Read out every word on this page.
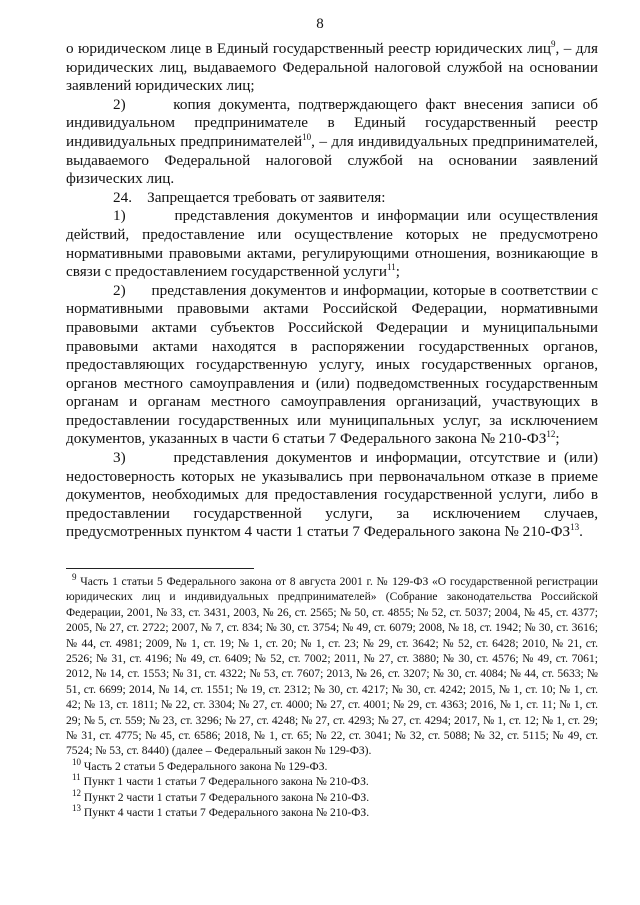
8

о юридическом лице в Единый государственный реестр юридических лиц$^9$, – для юридических лиц, выдаваемого Федеральной налоговой службой на основании заявлений юридических лиц;

2)      копия документа, подтверждающего факт внесения записи об индивидуальном предпринимателе в Единый государственный реестр индивидуальных предпринимателей$^{10}$, – для индивидуальных предпринимателей, выдаваемого Федеральной налоговой службой на основании заявлений физических лиц.

24.    Запрещается требовать от заявителя:

1)      представления документов и информации или осуществления действий, предоставление или осуществление которых не предусмотрено нормативными правовыми актами, регулирующими отношения, возникающие в связи с предоставлением государственной услуги$^{11}$;

2)      представления документов и информации, которые в соответствии с нормативными правовыми актами Российской Федерации, нормативными правовыми актами субъектов Российской Федерации и муниципальными правовыми актами находятся в распоряжении государственных органов, предоставляющих государственную услугу, иных государственных органов, органов местного самоуправления и (или) подведомственных государственным органам и органам местного самоуправления организаций, участвующих в предоставлении государственных или муниципальных услуг, за исключением документов, указанных в части 6 статьи 7 Федерального закона № 210-ФЗ$^{12}$;

3)      представления документов и информации, отсутствие и (или) недостоверность которых не указывались при первоначальном отказе в приеме документов, необходимых для предоставления государственной услуги, либо в предоставлении государственной услуги, за исключением случаев, предусмотренных пунктом 4 части 1 статьи 7 Федерального закона № 210-ФЗ$^{13}$.

$^9$ Часть 1 статьи 5 Федерального закона от 8 августа 2001 г. № 129-ФЗ «О государственной регистрации юридических лиц и индивидуальных предпринимателей» (Собрание законодательства Российской Федерации, 2001, № 33, ст. 3431, 2003, № 26, ст. 2565; № 50, ст. 4855; № 52, ст. 5037; 2004, № 45, ст. 4377; 2005, № 27, ст. 2722; 2007, № 7, ст. 834; № 30, ст. 3754; № 49, ст. 6079; 2008, № 18, ст. 1942; № 30, ст. 3616; № 44, ст. 4981; 2009, № 1, ст. 19; № 1, ст. 20; № 1, ст. 23; № 29, ст. 3642; № 52, ст. 6428; 2010, № 21, ст. 2526; № 31, ст. 4196; № 49, ст. 6409; № 52, ст. 7002; 2011, № 27, ст. 3880; № 30, ст. 4576; № 49, ст. 7061; 2012, № 14, ст. 1553; № 31, ст. 4322; № 53, ст. 7607; 2013, № 26, ст. 3207; № 30, ст. 4084; № 44, ст. 5633; № 51, ст. 6699; 2014, № 14, ст. 1551; № 19, ст. 2312; № 30, ст. 4217; № 30, ст. 4242; 2015, № 1, ст. 10; № 1, ст. 42; № 13, ст. 1811; № 22, ст. 3304; № 27, ст. 4000; № 27, ст. 4001; № 29, ст. 4363; 2016, № 1, ст. 11; № 1, ст. 29; № 5, ст. 559; № 23, ст. 3296; № 27, ст. 4248; № 27, ст. 4293; № 27, ст. 4294; 2017, № 1, ст. 12; № 1, ст. 29; № 31, ст. 4775; № 45, ст. 6586; 2018, № 1, ст. 65; № 22, ст. 3041; № 32, ст. 5088; № 32, ст. 5115; № 49, ст. 7524; № 53, ст. 8440) (далее – Федеральный закон № 129-ФЗ).

$^{10}$ Часть 2 статьи 5 Федерального закона № 129-ФЗ.

$^{11}$ Пункт 1 части 1 статьи 7 Федерального закона № 210-ФЗ.

$^{12}$ Пункт 2 части 1 статьи 7 Федерального закона № 210-ФЗ.

$^{13}$ Пункт 4 части 1 статьи 7 Федерального закона № 210-ФЗ.
